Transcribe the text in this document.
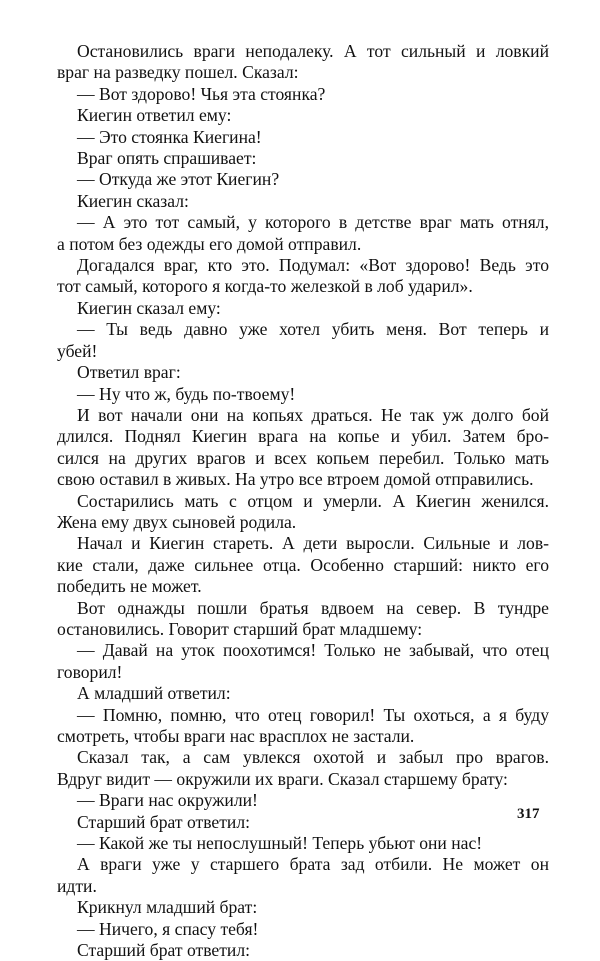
Остановились враги неподалеку. А тот сильный и ловкий
враг на разведку пошел. Сказал:
— Вот здорово! Чья эта стоянка?
Киегин ответил ему:
— Это стоянка Киегина!
Враг опять спрашивает:
— Откуда же этот Киегин?
Киегин сказал:
— А это тот самый, у которого в детстве враг мать отнял,
а потом без одежды его домой отправил.
Догадался враг, кто это. Подумал: «Вот здорово! Ведь это
тот самый, которого я когда-то железкой в лоб ударил».
Киегин сказал ему:
— Ты ведь давно уже хотел убить меня. Вот теперь и
убей!
Ответил враг:
— Ну что ж, будь по-твоему!
И вот начали они на копьях драться. Не так уж долго бой
длился. Поднял Киегин врага на копье и убил. Затем бро-
сился на других врагов и всех копьем перебил. Только мать
свою оставил в живых. На утро все втроем домой отправились.
Состарились мать с отцом и умерли. А Киегин женился.
Жена ему двух сыновей родила.
Начал и Киегин стареть. А дети выросли. Сильные и лов-
кие стали, даже сильнее отца. Особенно старший: никто его
победить не может.
Вот однажды пошли братья вдвоем на север. В тундре
остановились. Говорит старший брат младшему:
— Давай на уток поохотимся! Только не забывай, что отец
говорил!
А младший ответил:
— Помню, помню, что отец говорил! Ты охоться, а я буду
смотреть, чтобы враги нас врасплох не застали.
Сказал так, а сам увлекся охотой и забыл про врагов.
Вдруг видит — окружили их враги. Сказал старшему брату:
— Враги нас окружили!
Старший брат ответил:
— Какой же ты непослушный! Теперь убьют они нас!
А враги уже у старшего брата зад отбили. Не может он
идти.
Крикнул младший брат:
— Ничего, я спасу тебя!
Старший брат ответил:
317
